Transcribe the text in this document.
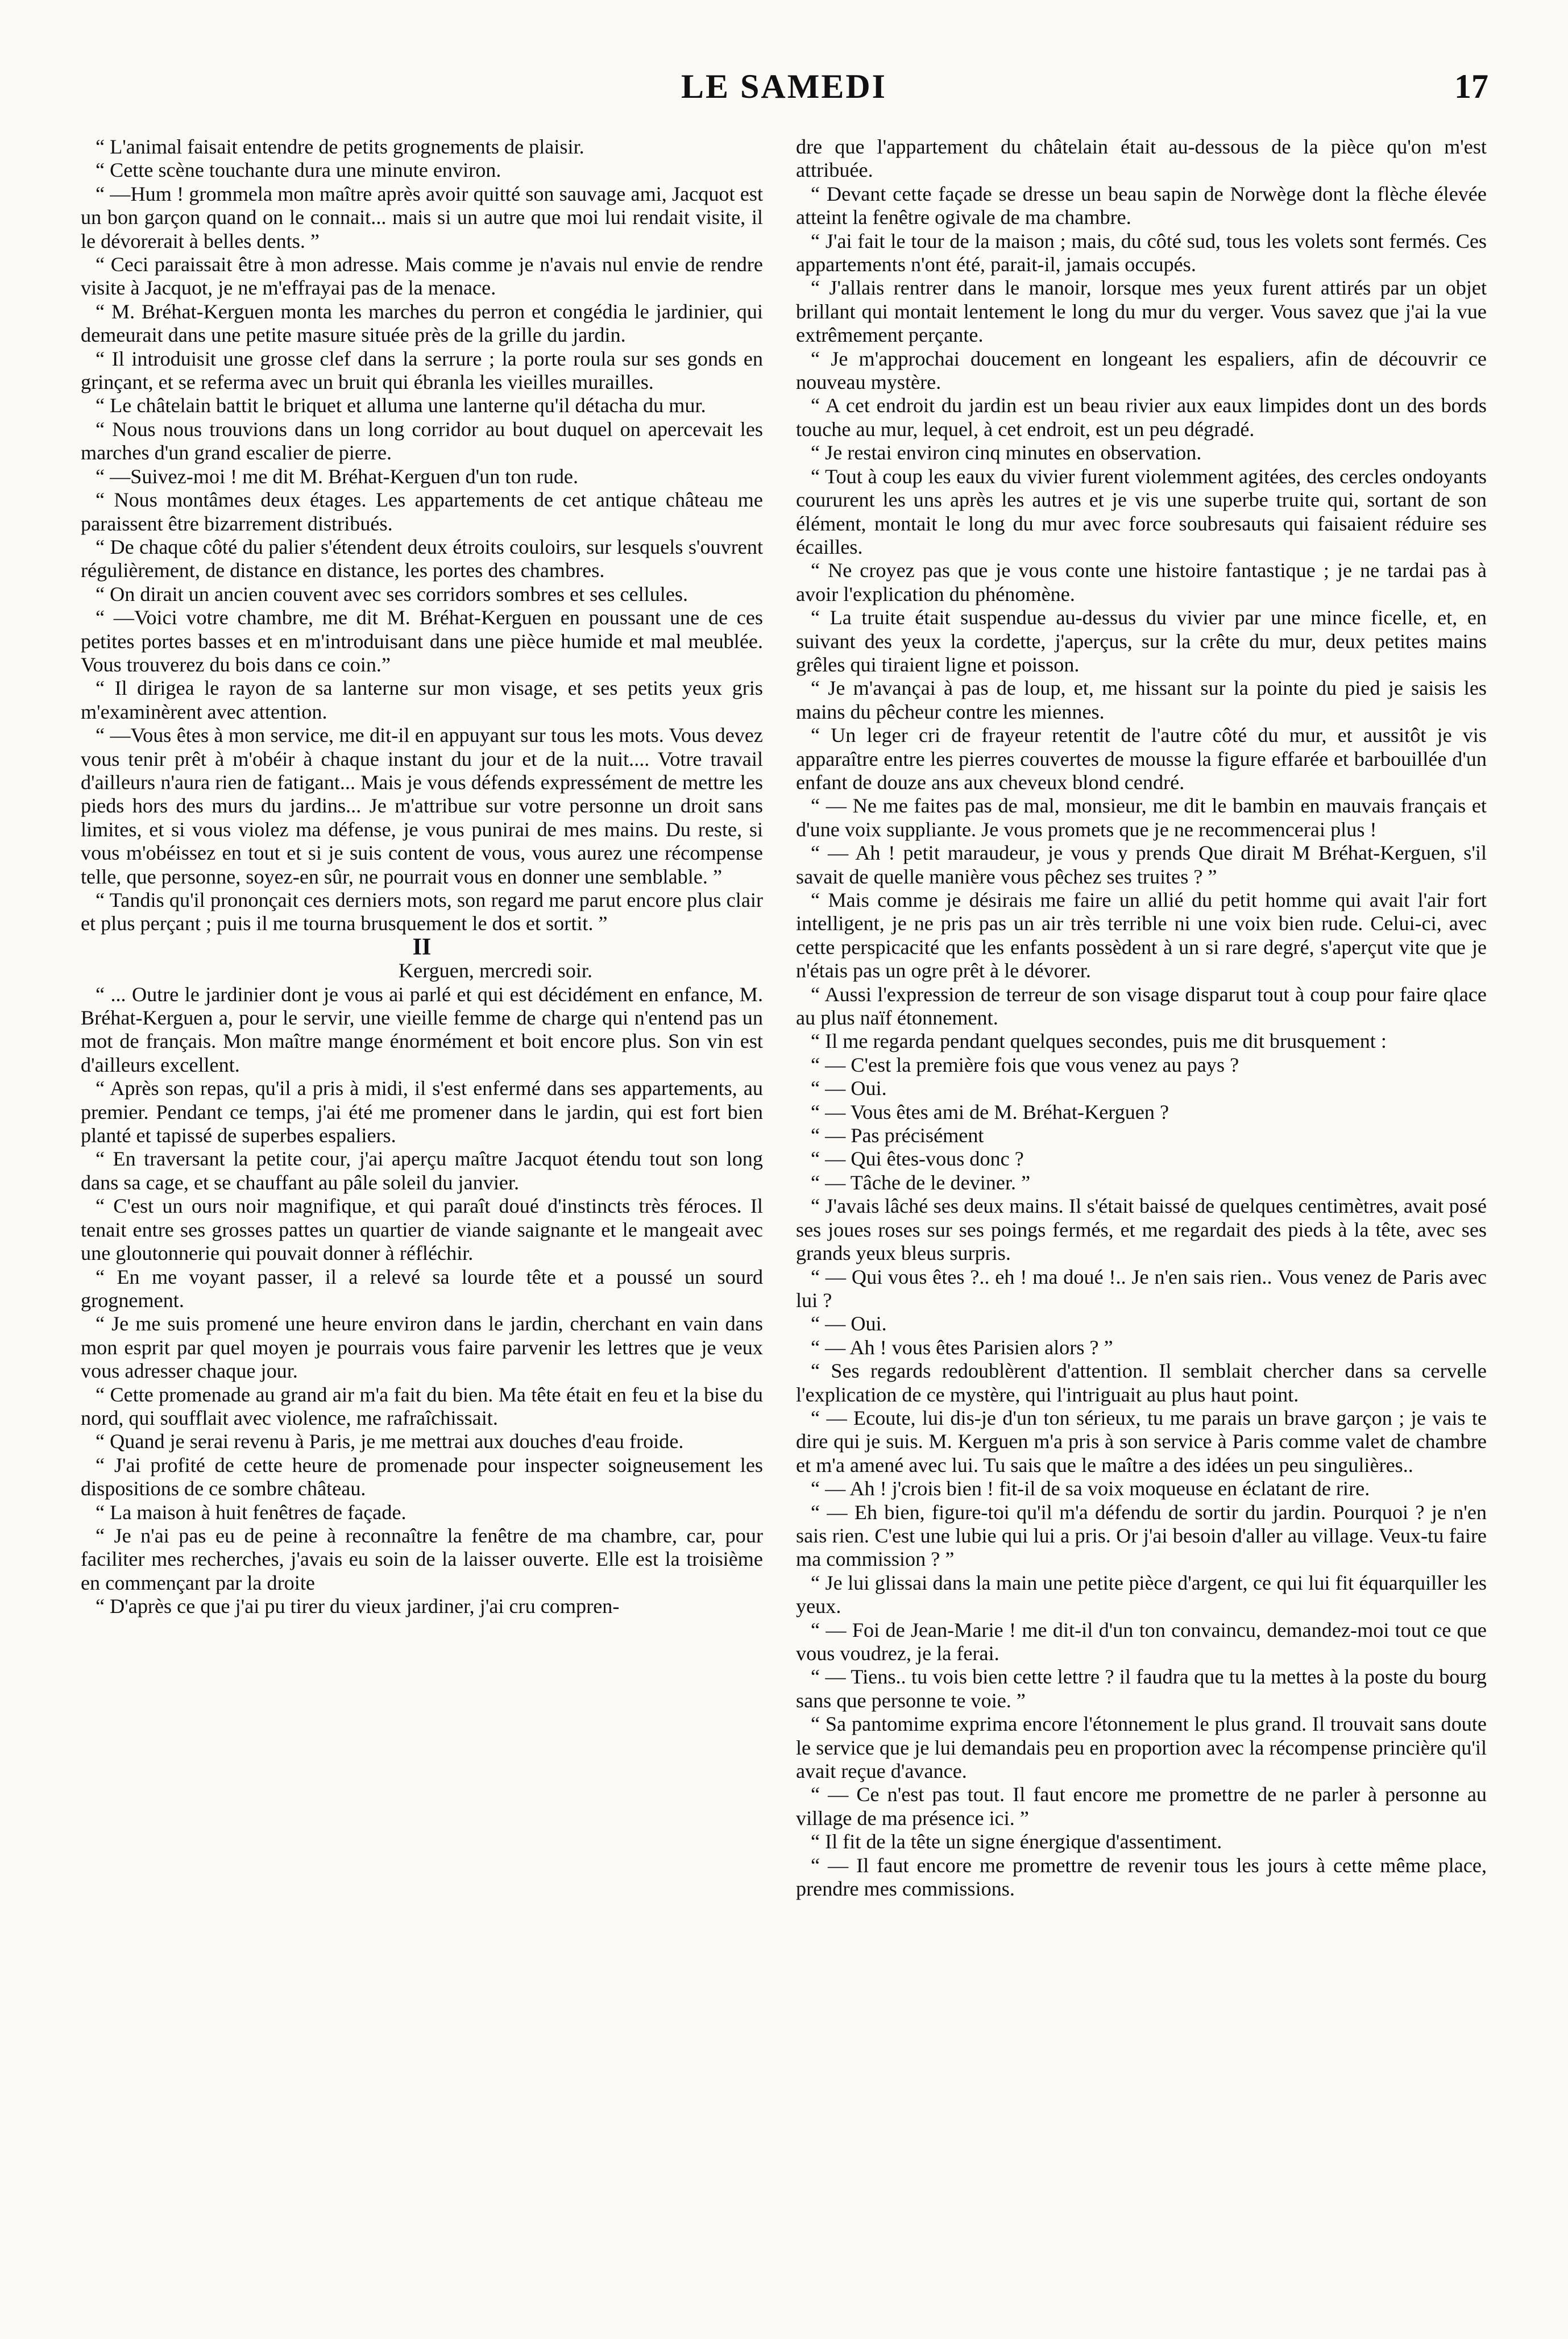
LE SAMEDI	17

“ L'animal faisait entendre de petits grognements de plaisir.

“ Cette scène touchante dura une minute environ.

“ —Hum ! grommela mon maître après avoir quitté son sauvage ami, Jacquot est un bon garçon quand on le connait... mais si un autre que moi lui rendait visite, il le dévorerait à belles dents. ”

“ Ceci paraissait être à mon adresse. Mais comme je n'avais nul envie de rendre visite à Jacquot, je ne m'effrayai pas de la menace.

“ M. Bréhat-Kerguen monta les marches du perron et congédia le jardinier, qui demeurait dans une petite masure située près de la grille du jardin.

“ Il introduisit une grosse clef dans la serrure ; la porte roula sur ses gonds en grinçant, et se referma avec un bruit qui ébranla les vieilles murailles.

“ Le châtelain battit le briquet et alluma une lanterne qu'il détacha du mur.

“ Nous nous trouvions dans un long corridor au bout duquel on apercevait les marches d'un grand escalier de pierre.

“ —Suivez-moi ! me dit M. Bréhat-Kerguen d'un ton rude.

“ Nous montâmes deux étages. Les appartements de cet antique château me paraissent être bizarrement distribués.

“ De chaque côté du palier s'étendent deux étroits couloirs, sur lesquels s'ouvrent régulièrement, de distance en distance, les portes des chambres.

“ On dirait un ancien couvent avec ses corridors sombres et ses cellules.

“ —Voici votre chambre, me dit M. Bréhat-Kerguen en poussant une de ces petites portes basses et en m'introduisant dans une pièce humide et mal meublée. Vous trouverez du bois dans ce coin.”

“ Il dirigea le rayon de sa lanterne sur mon visage, et ses petits yeux gris m'examinèrent avec attention.

“ —Vous êtes à mon service, me dit-il en appuyant sur tous les mots. Vous devez vous tenir prêt à m'obéir à chaque instant du jour et de la nuit.... Votre travail d'ailleurs n'aura rien de fatigant... Mais je vous défends expressément de mettre les pieds hors des murs du jardins... Je m'attribue sur votre personne un droit sans limites, et si vous violez ma défense, je vous punirai de mes mains. Du reste, si vous m'obéissez en tout et si je suis content de vous, vous aurez une récompense telle, que personne, soyez-en sûr, ne pourrait vous en donner une semblable. ”

“ Tandis qu'il prononçait ces derniers mots, son regard me parut encore plus clair et plus perçant ; puis il me tourna brusquement le dos et sortit. ”

II

Kerguen, mercredi soir.

“ ... Outre le jardinier dont je vous ai parlé et qui est décidément en enfance, M. Bréhat-Kerguen a, pour le servir, une vieille femme de charge qui n'entend pas un mot de français. Mon maître mange énormément et boit encore plus. Son vin est d'ailleurs excellent.

“ Après son repas, qu'il a pris à midi, il s'est enfermé dans ses appartements, au premier. Pendant ce temps, j'ai été me promener dans le jardin, qui est fort bien planté et tapissé de superbes espaliers.

“ En traversant la petite cour, j'ai aperçu maître Jacquot étendu tout son long dans sa cage, et se chauffant au pâle soleil du janvier.

“ C'est un ours noir magnifique, et qui paraît doué d'instincts très féroces. Il tenait entre ses grosses pattes un quartier de viande saignante et le mangeait avec une gloutonnerie qui pouvait donner à réfléchir.

“ En me voyant passer, il a relevé sa lourde tête et a poussé un sourd grognement.

“ Je me suis promené une heure environ dans le jardin, cherchant en vain dans mon esprit par quel moyen je pourrais vous faire parvenir les lettres que je veux vous adresser chaque jour.

“ Cette promenade au grand air m'a fait du bien. Ma tête était en feu et la bise du nord, qui soufflait avec violence, me rafraîchissait.

“ Quand je serai revenu à Paris, je me mettrai aux douches d'eau froide.

“ J'ai profité de cette heure de promenade pour inspecter soigneusement les dispositions de ce sombre château.

“ La maison à huit fenêtres de façade.

“ Je n'ai pas eu de peine à reconnaître la fenêtre de ma chambre, car, pour faciliter mes recherches, j'avais eu soin de la laisser ouverte. Elle est la troisième en commençant par la droite

“ D'après ce que j'ai pu tirer du vieux jardiner, j'ai cru compren-

dre que l'appartement du châtelain était au-dessous de la pièce qu'on m'est attribuée.

“ Devant cette façade se dresse un beau sapin de Norwège dont la flèche élevée atteint la fenêtre ogivale de ma chambre.

“ J'ai fait le tour de la maison ; mais, du côté sud, tous les volets sont fermés. Ces appartements n'ont été, parait-il, jamais occupés.

“ J'allais rentrer dans le manoir, lorsque mes yeux furent attirés par un objet brillant qui montait lentement le long du mur du verger. Vous savez que j'ai la vue extrêmement perçante.

“ Je m'approchai doucement en longeant les espaliers, afin de découvrir ce nouveau mystère.

“ A cet endroit du jardin est un beau rivier aux eaux limpides dont un des bords touche au mur, lequel, à cet endroit, est un peu dégradé.

“ Je restai environ cinq minutes en observation.

“ Tout à coup les eaux du vivier furent violemment agitées, des cercles ondoyants coururent les uns après les autres et je vis une superbe truite qui, sortant de son élément, montait le long du mur avec force soubresauts qui faisaient réduire ses écailles.

“ Ne croyez pas que je vous conte une histoire fantastique ; je ne tardai pas à avoir l'explication du phénomène.

“ La truite était suspendue au-dessus du vivier par une mince ficelle, et, en suivant des yeux la cordette, j'aperçus, sur la crête du mur, deux petites mains grêles qui tiraient ligne et poisson.

“ Je m'avançai à pas de loup, et, me hissant sur la pointe du pied je saisis les mains du pêcheur contre les miennes.

“ Un leger cri de frayeur retentit de l'autre côté du mur, et aussitôt je vis apparaître entre les pierres couvertes de mousse la figure effarée et barbouillée d'un enfant de douze ans aux cheveux blond cendré.

“ — Ne me faites pas de mal, monsieur, me dit le bambin en mauvais français et d'une voix suppliante. Je vous promets que je ne recommencerai plus !

“ — Ah ! petit maraudeur, je vous y prends Que dirait M Bréhat-Kerguen, s'il savait de quelle manière vous pêchez ses truites ? ”

“ Mais comme je désirais me faire un allié du petit homme qui avait l'air fort intelligent, je ne pris pas un air très terrible ni une voix bien rude. Celui-ci, avec cette perspicacité que les enfants possèdent à un si rare degré, s'aperçut vite que je n'étais pas un ogre prêt à le dévorer.

“ Aussi l'expression de terreur de son visage disparut tout à coup pour faire qlace au plus naïf étonnement.

“ Il me regarda pendant quelques secondes, puis me dit brusquement :

“ — C'est la première fois que vous venez au pays ?

“ — Oui.

“ — Vous êtes ami de M. Bréhat-Kerguen ?

“ — Pas précisément

“ — Qui êtes-vous donc ?

“ — Tâche de le deviner. ”

“ J'avais lâché ses deux mains. Il s'était baissé de quelques centimètres, avait posé ses joues roses sur ses poings fermés, et me regardait des pieds à la tête, avec ses grands yeux bleus surpris.

“ — Qui vous êtes ?.. eh ! ma doué !.. Je n'en sais rien.. Vous venez de Paris avec lui ?

“ — Oui.

“ — Ah ! vous êtes Parisien alors ? ”

“ Ses regards redoublèrent d'attention. Il semblait chercher dans sa cervelle l'explication de ce mystère, qui l'intriguait au plus haut point.

“ — Ecoute, lui dis-je d'un ton sérieux, tu me parais un brave garçon ; je vais te dire qui je suis. M. Kerguen m'a pris à son service à Paris comme valet de chambre et m'a amené avec lui. Tu sais que le maître a des idées un peu singulières..

“ — Ah ! j'crois bien ! fit-il de sa voix moqueuse en éclatant de rire.

“ — Eh bien, figure-toi qu'il m'a défendu de sortir du jardin. Pourquoi ? je n'en sais rien. C'est une lubie qui lui a pris. Or j'ai besoin d'aller au village. Veux-tu faire ma commission ? ”

“ Je lui glissai dans la main une petite pièce d'argent, ce qui lui fit équarquiller les yeux.

“ — Foi de Jean-Marie ! me dit-il d'un ton convaincu, demandez-moi tout ce que vous voudrez, je la ferai.

“ — Tiens.. tu vois bien cette lettre ? il faudra que tu la mettes à la poste du bourg sans que personne te voie. ”

“ Sa pantomime exprima encore l'étonnement le plus grand. Il trouvait sans doute le service que je lui demandais peu en proportion avec la récompense princière qu'il avait reçue d'avance.

“ — Ce n'est pas tout. Il faut encore me promettre de ne parler à personne au village de ma présence ici. ”

“ Il fit de la tête un signe énergique d'assentiment.

“ — Il faut encore me promettre de revenir tous les jours à cette même place, prendre mes commissions.
